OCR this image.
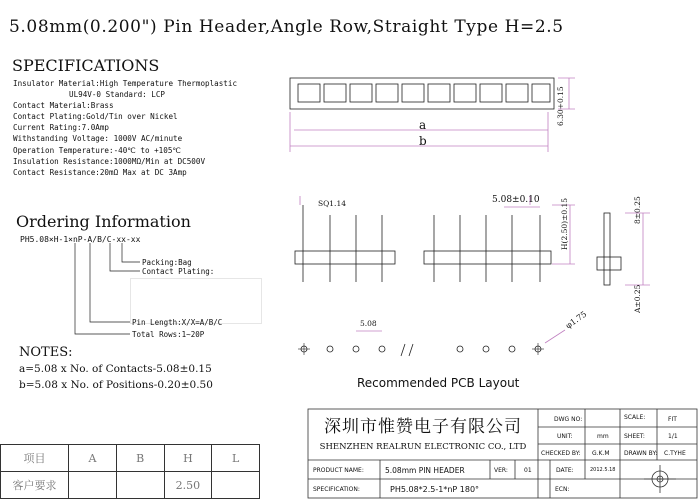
5.08mm(0.200") Pin Header,Angle Row,Straight Type H=2.5
SPECIFICATIONS
Insulator Material:High Temperature Thermoplastic
UL94V-0 Standard: LCP
Contact Material:Brass
Contact Plating:Gold/Tin over Nickel
Current Rating:7.0Amp
Withstanding Voltage: 1000V AC/minute
Operation Temperature:-40℃ to +105℃
Insulation Resistance:1000MΩ/Min at DC500V
Contact Resistance:20mΩ Max at DC 3Amp
Ordering Information
PH5.08×H-1×nP-A/B/C-xx-xx
Packing:Bag
Contact Plating:
Pin Length:X/X=A/B/C
Total Rows:1~20P
NOTES:
a=5.08 x No. of Contacts-5.08±0.15
b=5.08 x No. of Positions-0.20±0.50
a
b
6.30+0.15
SQ1.14	5.08±0.10	H(2.50)±0.15	8±0.25
A±0.25
5.08	φ1.75
Recommended PCB Layout
深圳市惟赞电子有限公司
SHENZHEN REALRUN ELECTRONIC CO., LTD
DWG NO:	SCALE:	FIT
UNIT:	mm	SHEET:	1/1
CHECKED BY: G.K.M DRAWN BY: C.TYHE
PRODUCT NAME:	5.08mm PIN HEADER	VER:	01	DATE:	2012.5.18
SPECIFICATION:	PH5.08*2.5-1*nP 180°	ECN:
项目	A	B	H	L
客户要求			2.50	
